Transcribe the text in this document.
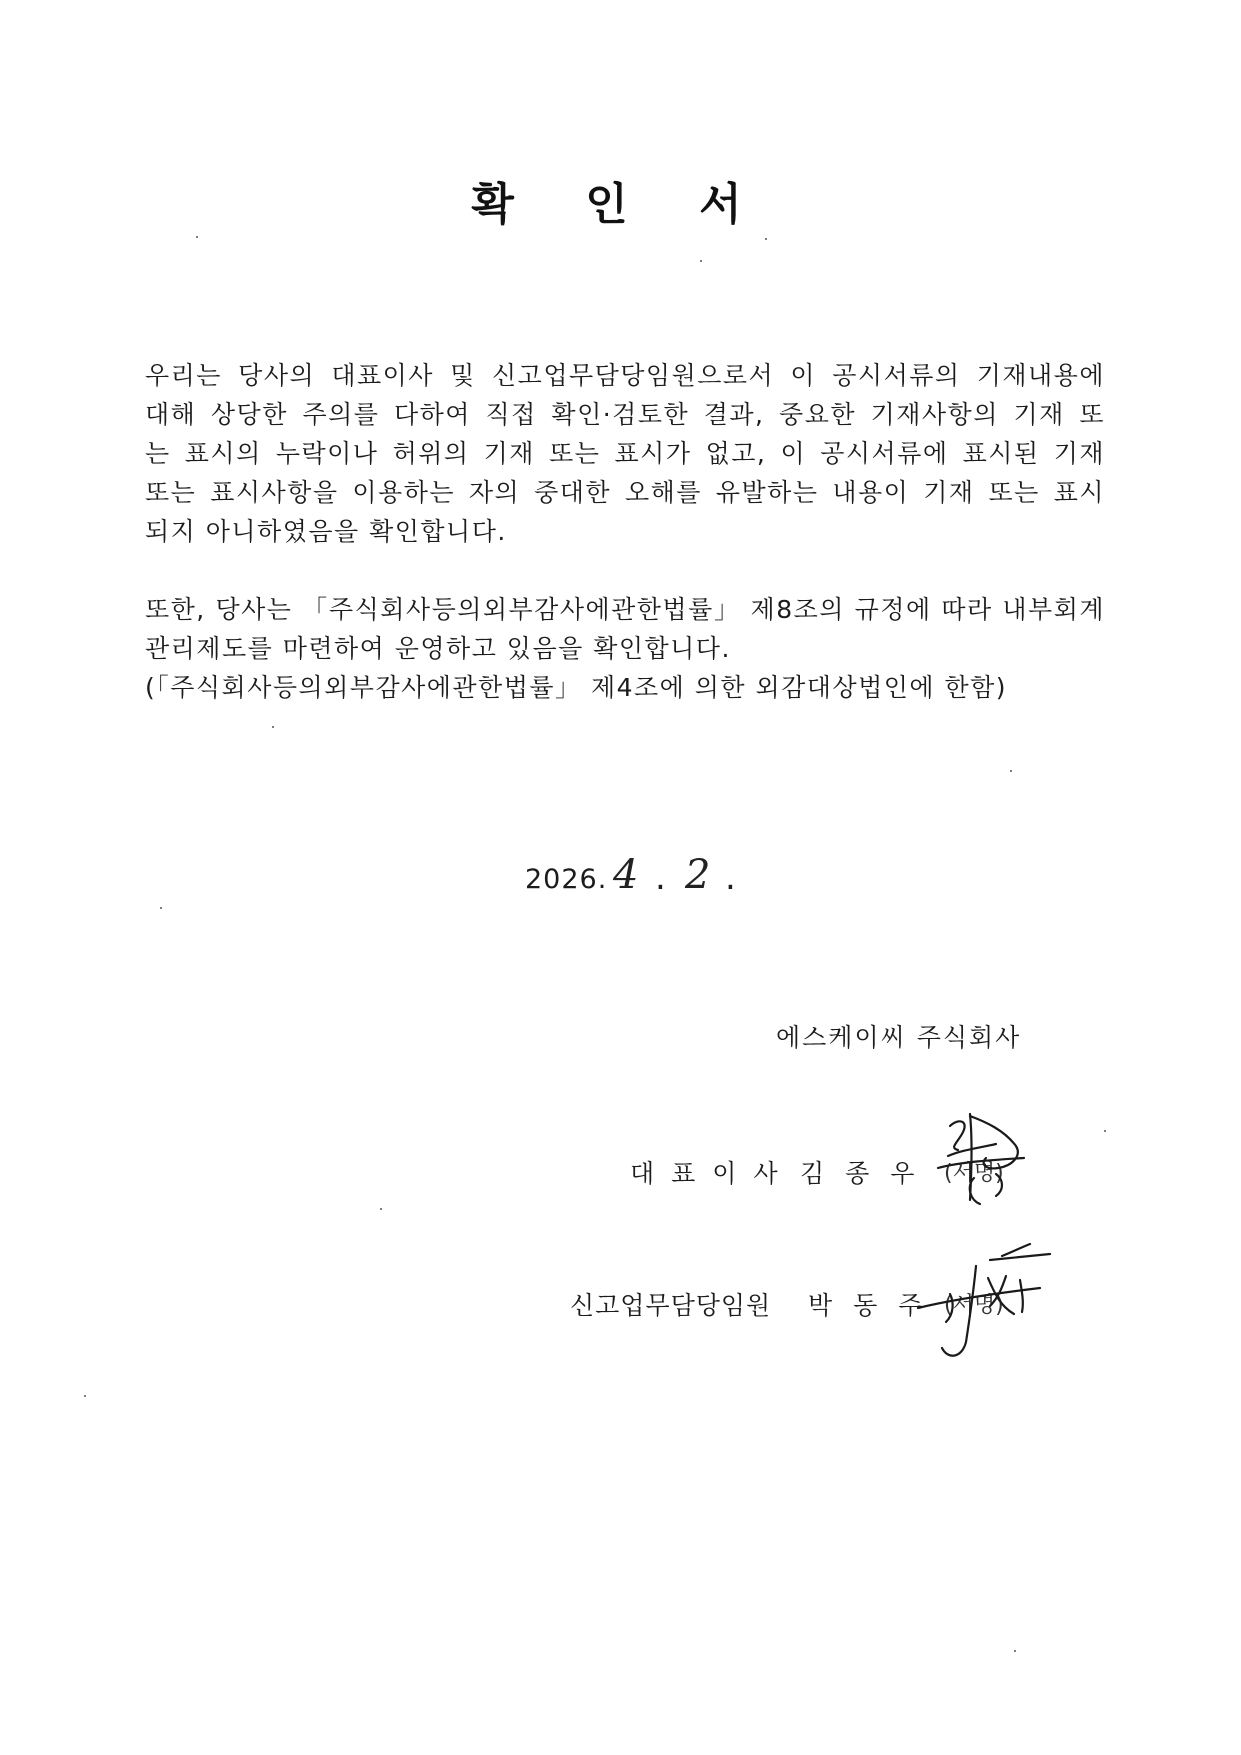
확 인 서
우리는 당사의 대표이사 및 신고업무담당임원으로서 이 공시서류의 기재내용에
대해 상당한 주의를 다하여 직접 확인·검토한 결과, 중요한 기재사항의 기재 또
는 표시의 누락이나 허위의 기재 또는 표시가 없고, 이 공시서류에 표시된 기재
또는 표시사항을 이용하는 자의 중대한 오해를 유발하는 내용이 기재 또는 표시
되지 아니하였음을 확인합니다.
또한, 당사는 「주식회사등의외부감사에관한법률」 제8조의 규정에 따라 내부회계
관리제도를 마련하여 운영하고 있음을 확인합니다.
(「주식회사등의외부감사에관한법률」 제4조에 의한 외감대상법인에 한함)
2026. 4 . 2 .
에스케이씨 주식회사
대표이사 김종우 (서명)
신고업무담당임원 박동주 (서명)
